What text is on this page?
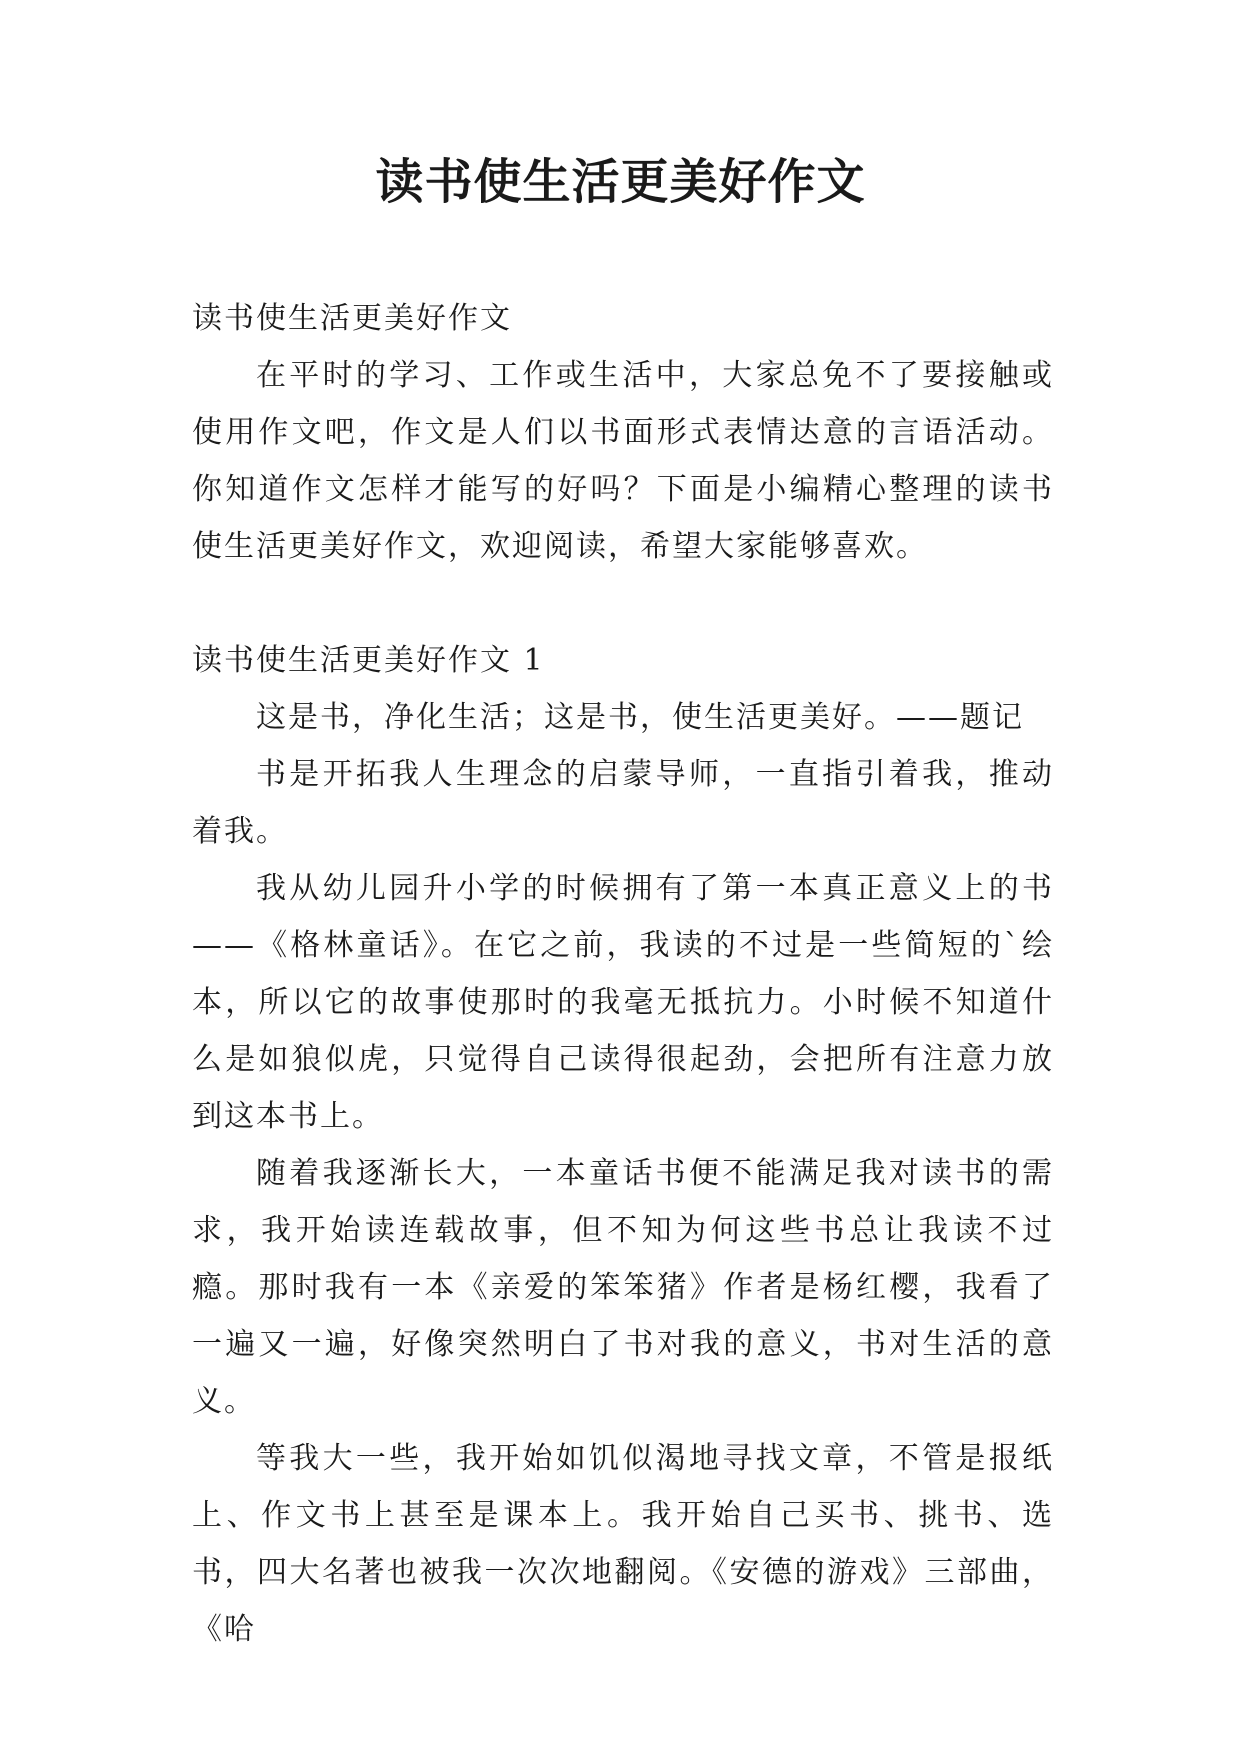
读书使生活更美好作文

读书使生活更美好作文

在平时的学习、工作或生活中，大家总免不了要接触或使用作文吧，作文是人们以书面形式表情达意的言语活动。你知道作文怎样才能写的好吗？下面是小编精心整理的读书使生活更美好作文，欢迎阅读，希望大家能够喜欢。

读书使生活更美好作文 1

这是书，净化生活；这是书，使生活更美好。——题记

书是开拓我人生理念的启蒙导师，一直指引着我，推动着我。

我从幼儿园升小学的时候拥有了第一本真正意义上的书——《格林童话》。在它之前，我读的不过是一些简短的`绘本，所以它的故事使那时的我毫无抵抗力。小时候不知道什么是如狼似虎，只觉得自己读得很起劲，会把所有注意力放到这本书上。

随着我逐渐长大，一本童话书便不能满足我对读书的需求，我开始读连载故事，但不知为何这些书总让我读不过瘾。那时我有一本《亲爱的笨笨猪》作者是杨红樱，我看了一遍又一遍，好像突然明白了书对我的意义，书对生活的意义。

等我大一些，我开始如饥似渴地寻找文章，不管是报纸上、作文书上甚至是课本上。我开始自己买书、挑书、选书，四大名著也被我一次次地翻阅。《安德的游戏》三部曲，《哈
